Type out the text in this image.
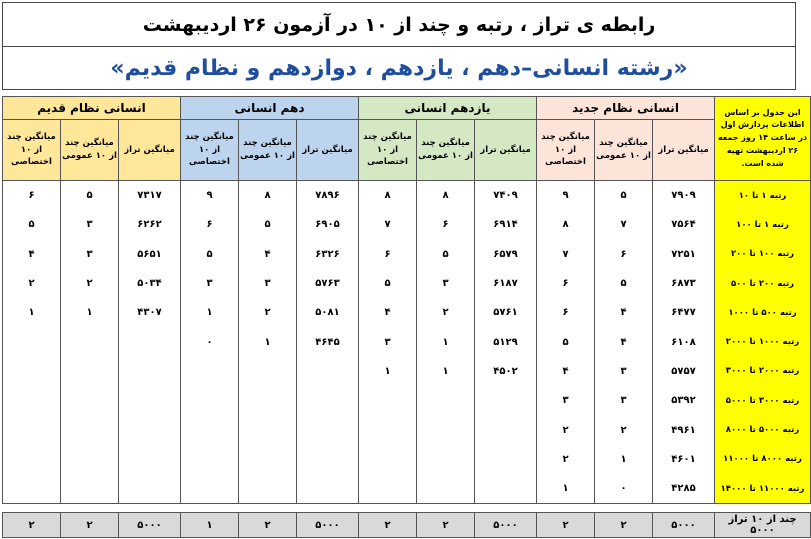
رابطه ی تراز ، رتبه و چند از ۱۰ در آزمون ۲۶ اردیبهشت
«رشته انسانی–دهم ، یازدهم ، دوازدهم و نظام قدیم»
این جدول بر اساس اطلاعات پردازش اول در ساعت ۱۴ روز جمعه ۲۶ اردیبهشت تهیه شده است.	انسانی نظام جدید			یازدهم انسانی			دهم انسانی			انسانی نظام قدیم		
	میانگین تراز	میانگین چند از ۱۰ عمومی	میانگین چند از ۱۰ اختصاصی	میانگین تراز	میانگین چند از ۱۰ عمومی	میانگین چند از ۱۰ اختصاصی	میانگین تراز	میانگین چند از ۱۰ عمومی	میانگین چند از ۱۰ اختصاصی	میانگین تراز	میانگین چند از ۱۰ عمومی	میانگین چند از ۱۰ اختصاصی
رتبه ۱ تا ۱۰	۷۹۰۹	۵	۹	۷۴۰۹	۸	۸	۷۸۹۶	۸	۹	۷۳۱۷	۵	۶
رتبه ۱ تا ۱۰۰	۷۵۶۴	۷	۸	۶۹۱۴	۶	۷	۶۹۰۵	۵	۶	۶۲۶۲	۳	۵
رتبه ۱۰۰ تا ۲۰۰	۷۲۵۱	۶	۷	۶۵۷۹	۵	۶	۶۳۲۶	۴	۵	۵۶۵۱	۳	۴
رتبه ۲۰۰ تا ۵۰۰	۶۸۷۳	۵	۶	۶۱۸۷	۳	۵	۵۷۶۳	۳	۳	۵۰۳۴	۲	۲
رتبه ۵۰۰ تا ۱۰۰۰	۶۴۷۷	۴	۶	۵۷۶۱	۲	۴	۵۰۸۱	۲	۱	۴۳۰۷	۱	۱
رتبه ۱۰۰۰ تا ۲۰۰۰	۶۱۰۸	۴	۵	۵۱۲۹	۱	۳	۴۶۴۵	۱	۰			
رتبه ۲۰۰۰ تا ۳۰۰۰	۵۷۵۷	۳	۴	۴۵۰۲	۱	۱						
رتبه ۳۰۰۰ تا ۵۰۰۰	۵۳۹۲	۳	۳									
رتبه ۵۰۰۰ تا ۸۰۰۰	۴۹۶۱	۲	۲									
رتبه ۸۰۰۰ تا ۱۱۰۰۰	۴۶۰۱	۱	۲									
رتبه ۱۱۰۰۰ تا ۱۴۰۰۰	۴۲۸۵	۰	۱									

چند از ۱۰ تراز ۵۰۰۰	۵۰۰۰	۲	۲	۵۰۰۰	۲	۲	۵۰۰۰	۲	۱	۵۰۰۰	۲	۲
